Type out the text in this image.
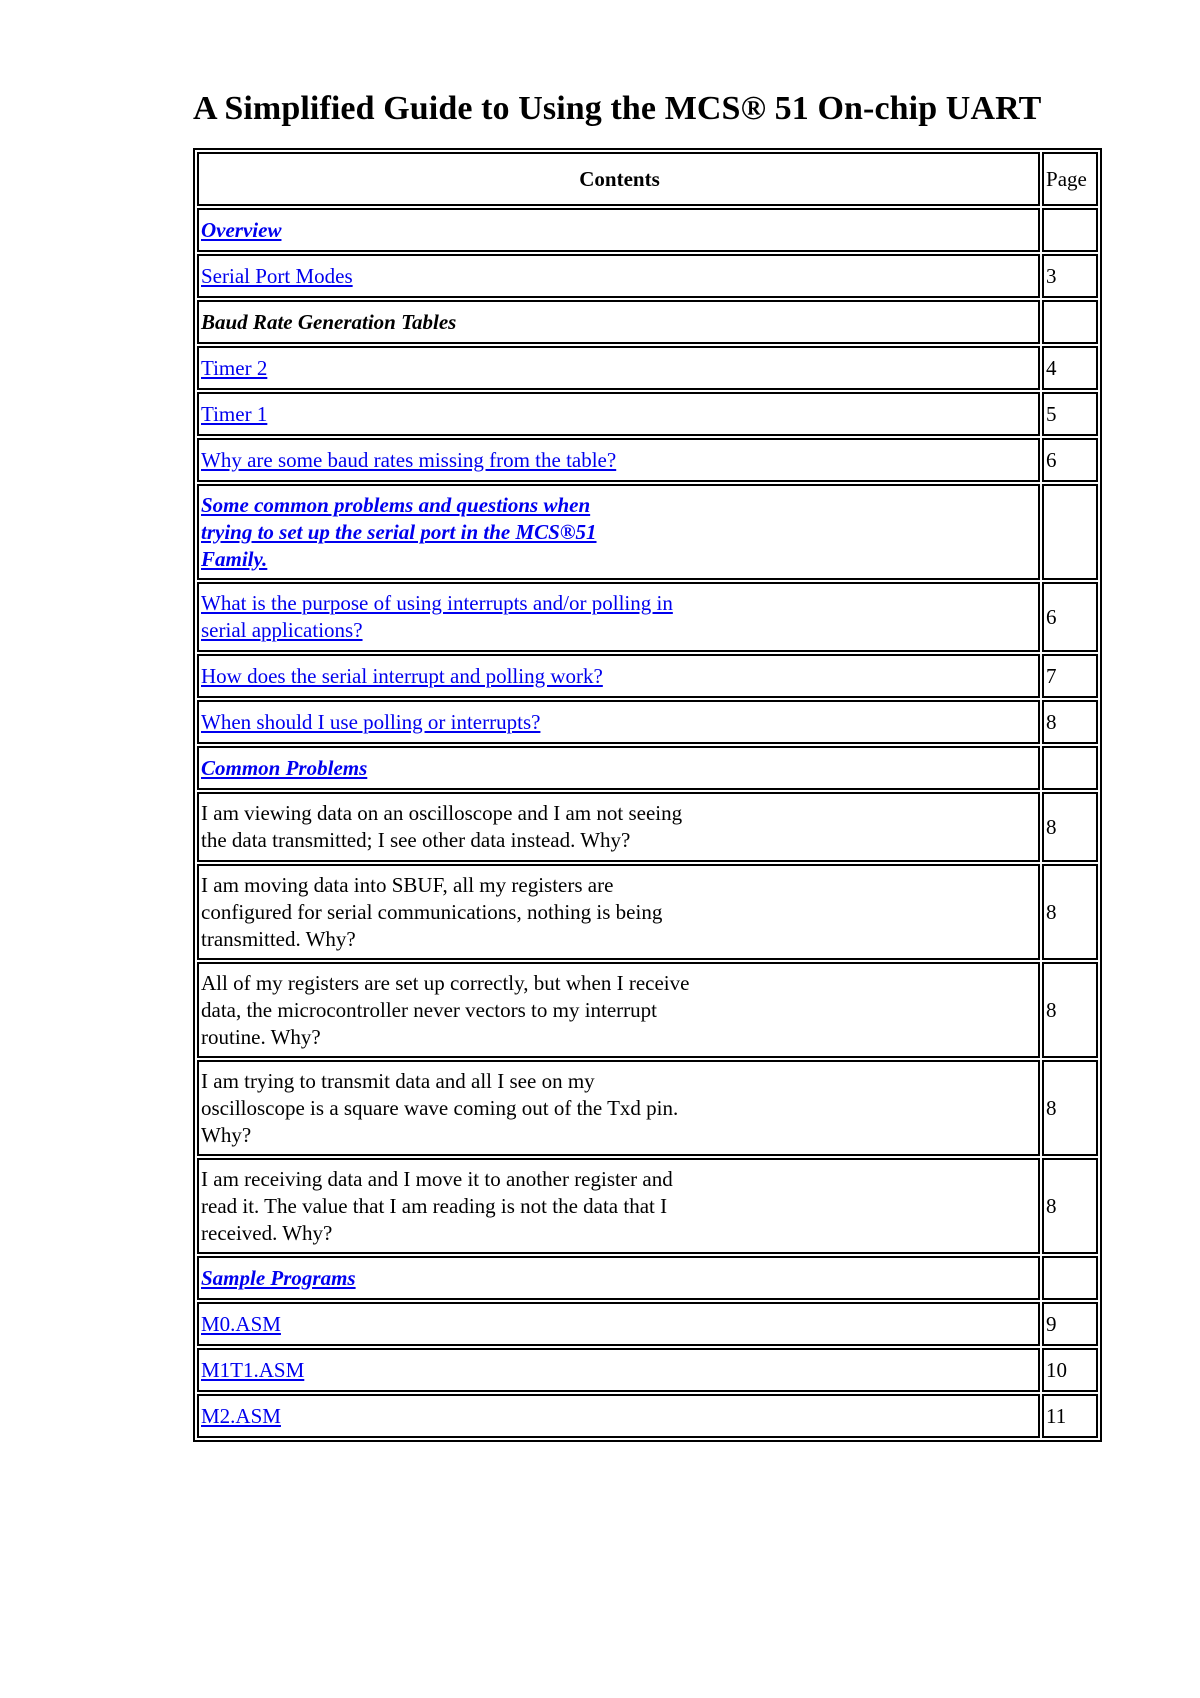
A Simplified Guide to Using the MCS® 51 On-chip UART
Contents	Page
Overview	
Serial Port Modes	3
Baud Rate Generation Tables	
Timer 2	4
Timer 1	5
Why are some baud rates missing from the table?	6
Some common problems and questions when
trying to set up the serial port in the MCS®51
Family.	
What is the purpose of using interrupts and/or polling in
serial applications?	6
How does the serial interrupt and polling work?	7
When should I use polling or interrupts?	8
Common Problems	
I am viewing data on an oscilloscope and I am not seeing
the data transmitted; I see other data instead. Why?	8
I am moving data into SBUF, all my registers are
configured for serial communications, nothing is being
transmitted. Why?	8
All of my registers are set up correctly, but when I receive
data, the microcontroller never vectors to my interrupt
routine. Why?	8
I am trying to transmit data and all I see on my
oscilloscope is a square wave coming out of the Txd pin.
Why?	8
I am receiving data and I move it to another register and
read it. The value that I am reading is not the data that I
received. Why?	8
Sample Programs	
M0.ASM	9
M1T1.ASM	10
M2.ASM	11
